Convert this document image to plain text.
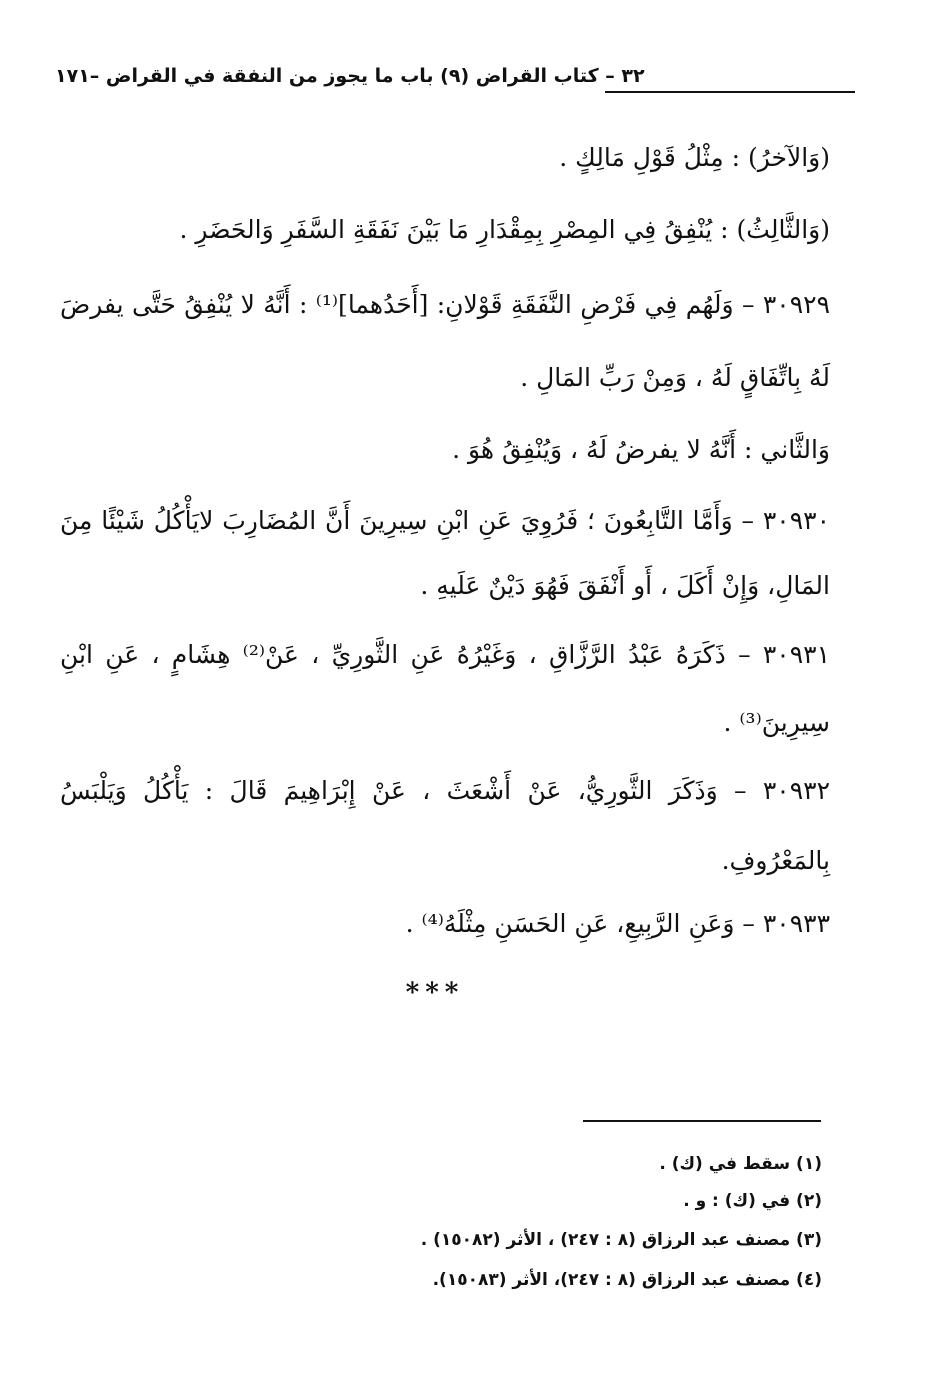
٣٢ – كتاب القراض (٩) باب ما يجوز من النفقة في القراض –١٧١
(وَالآخرُ) : مِثْلُ قَوْلِ مَالِكٍ .
(وَالثَّالِثُ) : يُنْفِقُ فِي المِصْرِ بِمِقْدَارِ مَا بَيْنَ نَفَقَةِ السَّفَرِ وَالحَضَرِ .
٣٠٩٢٩ – وَلَهُم فِي فَرْضِ النَّفَقَةِ قَوْلانِ: [أَحَدُهما]⁽¹⁾ : أَنَّهُ لا يُنْفِقُ حَتَّى يفرضَ
لَهُ بِاتِّفَاقٍ لَهُ ، وَمِنْ رَبِّ المَالِ .
وَالثَّاني : أَنَّهُ لا يفرضُ لَهُ ، وَيُنْفِقُ هُوَ .
٣٠٩٣٠ – وَأَمَّا التَّابِعُونَ ؛ فَرُوِيَ عَنِ ابْنِ سِيرِينَ أَنَّ المُضَارِبَ لايَأْكُلُ شَيْئًا مِنَ
المَالِ، وَإِنْ أَكَلَ ، أَو أَنْفَقَ فَهُوَ دَيْنٌ عَلَيهِ .
٣٠٩٣١ – ذَكَرَهُ عَبْدُ الرَّزَّاقِ ، وَغَيْرُهُ عَنِ الثَّورِيِّ ، عَنْ⁽²⁾ هِشَامٍ ، عَنِ ابْنِ
سِيرِينَ⁽³⁾ .
٣٠٩٣٢ – وَذَكَرَ الثَّورِيُّ، عَنْ أَشْعَثَ ، عَنْ إِبْرَاهِيمَ قَالَ : يَأْكُلُ وَيَلْبَسُ
بِالمَعْرُوفِ.
٣٠٩٣٣ – وَعَنِ الرَّبِيعِ، عَنِ الحَسَنِ مِثْلَهُ⁽⁴⁾ .
***
(١) سقط في (ك) .
(٢) في (ك) : و .
(٣) مصنف عبد الرزاق (٨ : ٢٤٧) ، الأثر (١٥٠٨٢) .
(٤) مصنف عبد الرزاق (٨ : ٢٤٧)، الأثر (١٥٠٨٣).
